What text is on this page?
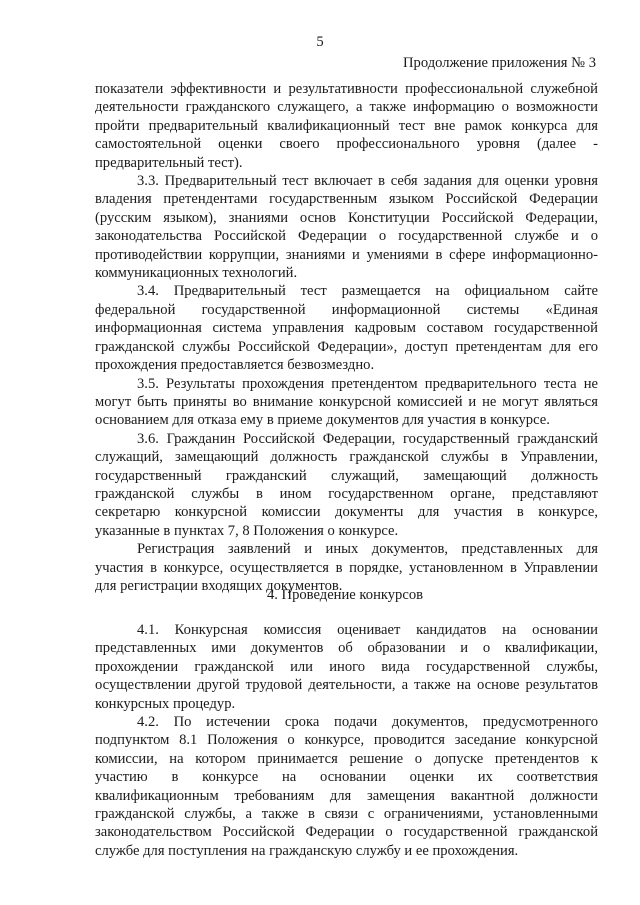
5
Продолжение приложения № 3
показатели эффективности и результативности профессиональной служебной
деятельности гражданского служащего, а также информацию о возможности
пройти предварительный квалификационный тест вне рамок конкурса для
самостоятельной оценки своего профессионального уровня (далее -
предварительный тест).
3.3. Предварительный тест включает в себя задания для оценки уровня
владения претендентами государственным языком Российской Федерации
(русским языком), знаниями основ Конституции Российской Федерации,
законодательства Российской Федерации о государственной службе и о
противодействии коррупции, знаниями и умениями в сфере информационно-
коммуникационных технологий.
3.4. Предварительный тест размещается на официальном сайте
федеральной государственной информационной системы «Единая
информационная система управления кадровым составом государственной
гражданской службы Российской Федерации», доступ претендентам для его
прохождения предоставляется безвозмездно.
3.5. Результаты прохождения претендентом предварительного теста не
могут быть приняты во внимание конкурсной комиссией и не могут являться
основанием для отказа ему в приеме документов для участия в конкурсе.
3.6. Гражданин Российской Федерации, государственный гражданский
служащий, замещающий должность гражданской службы в Управлении,
государственный гражданский служащий, замещающий должность
гражданской службы в ином государственном органе, представляют
секретарю конкурсной комиссии документы для участия в конкурсе,
указанные в пунктах 7, 8 Положения о конкурсе.
Регистрация заявлений и иных документов, представленных для
участия в конкурсе, осуществляется в порядке, установленном в Управлении
для регистрации входящих документов.
4. Проведение конкурсов
4.1. Конкурсная комиссия оценивает кандидатов на основании
представленных ими документов об образовании и о квалификации,
прохождении гражданской или иного вида государственной службы,
осуществлении другой трудовой деятельности, а также на основе результатов
конкурсных процедур.
4.2. По истечении срока подачи документов, предусмотренного
подпунктом 8.1 Положения о конкурсе, проводится заседание конкурсной
комиссии, на котором принимается решение о допуске претендентов к
участию в конкурсе на основании оценки их соответствия
квалификационным требованиям для замещения вакантной должности
гражданской службы, а также в связи с ограничениями, установленными
законодательством Российской Федерации о государственной гражданской
службе для поступления на гражданскую службу и ее прохождения.
